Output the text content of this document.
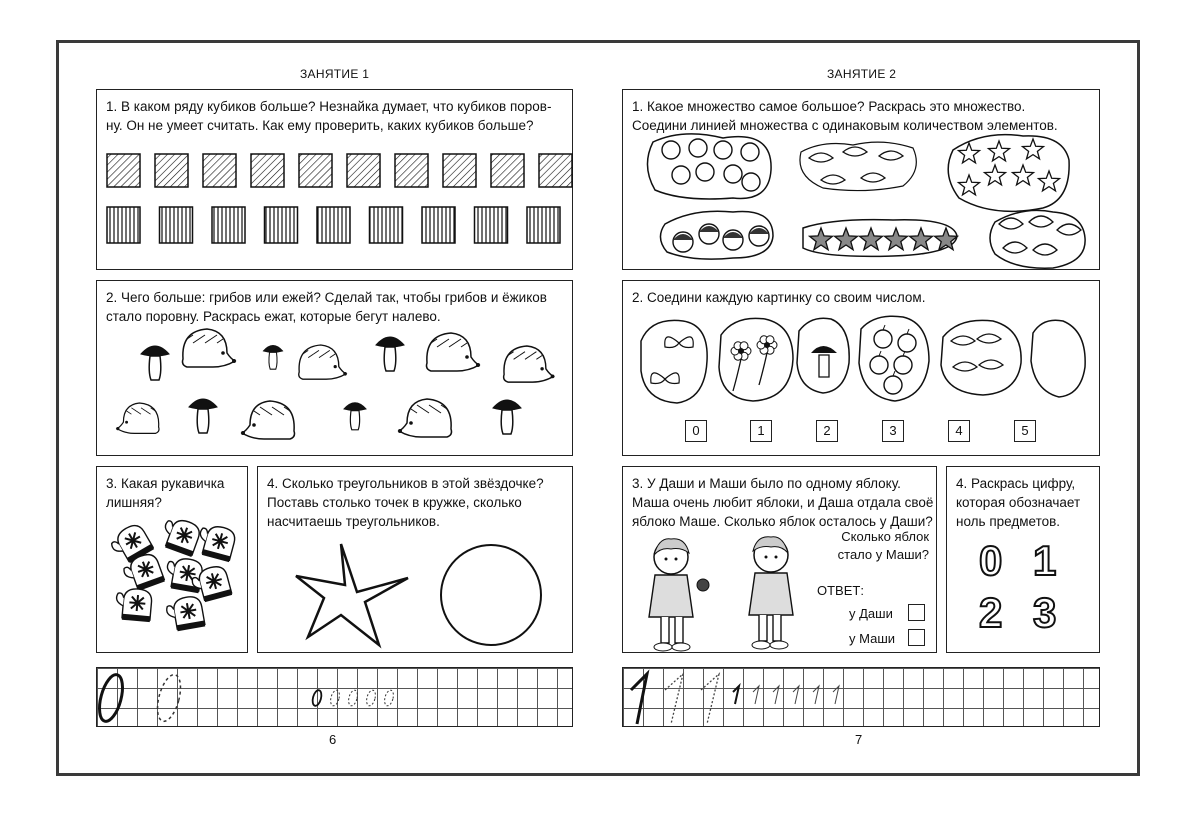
ЗАНЯТИЕ 1
1. В каком ряду кубиков больше? Незнайка думает, что кубиков поров-
ну. Он не умеет считать. Как ему проверить, каких кубиков больше?
2. Чего больше: грибов или ежей? Сделай так, чтобы грибов и ёжиков
стало поровну. Раскрась ежат, которые бегут налево.
3. Какая рукавичка
лишняя?
4. Сколько треугольников в этой звёздочке?
Поставь столько точек в кружке, сколько
насчитаешь треугольников.
6
ЗАНЯТИЕ 2
1. Какое множество самое большое? Раскрась это множество.
Соедини линией множества с одинаковым количеством элементов.
2. Соедини каждую картинку со своим числом.
0	1	2	3	4	5
3. У Даши и Маши было по одному яблоку.
Маша очень любит яблоки, и Даша отдала своё
яблоко Маше. Сколько яблок осталось у Даши?
Сколько яблок
стало у Маши?
ОТВЕТ:
у Даши
у Маши
4. Раскрась цифру,
которая обозначает
ноль предметов.
0 1
2 3
7
